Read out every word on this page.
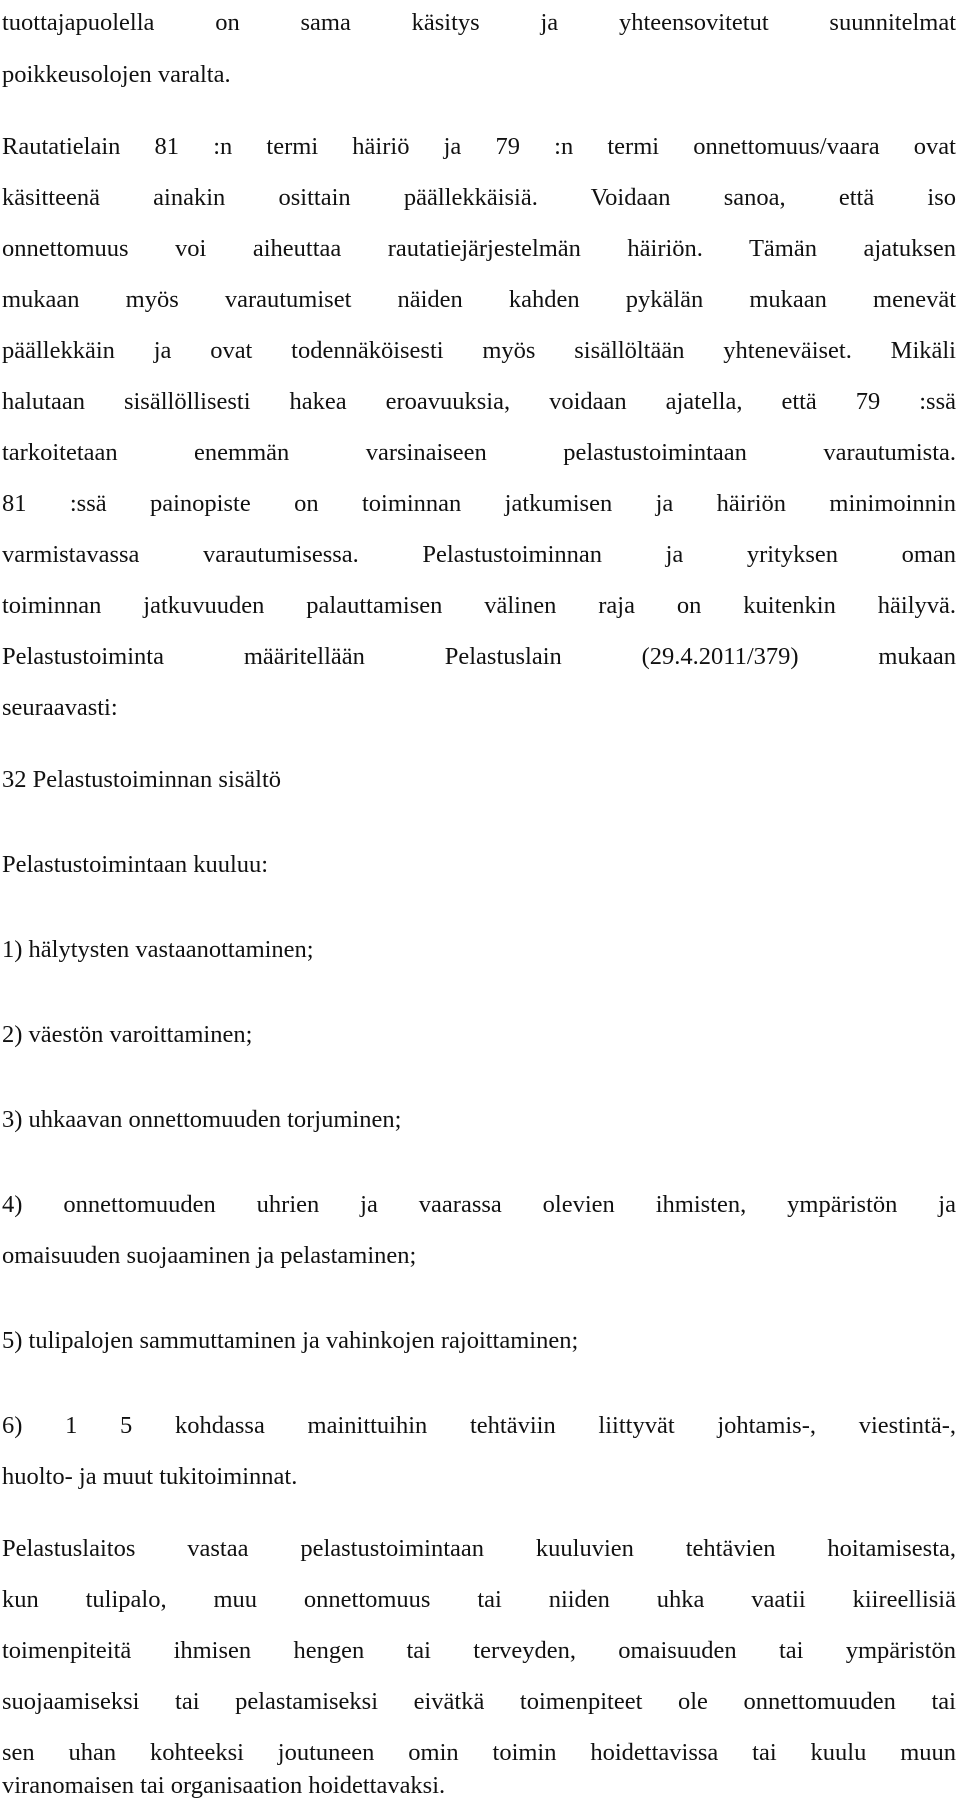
tuottajapuolella on sama käsitys ja yhteensovitetut suunnitelmat
poikkeusolojen varalta.
Rautatielain 81 :n termi häiriö ja 79 :n termi onnettomuus/vaara ovat
käsitteenä ainakin osittain päällekkäisiä. Voidaan sanoa, että iso
onnettomuus voi aiheuttaa rautatiejärjestelmän häiriön. Tämän ajatuksen
mukaan myös varautumiset näiden kahden pykälän mukaan menevät
päällekkäin ja ovat todennäköisesti myös sisällöltään yhteneväiset. Mikäli
halutaan sisällöllisesti hakea eroavuuksia, voidaan ajatella, että 79 :ssä
tarkoitetaan enemmän varsinaiseen pelastustoimintaan varautumista.
81 :ssä painopiste on toiminnan jatkumisen ja häiriön minimoinnin
varmistavassa varautumisessa. Pelastustoiminnan ja yrityksen oman
toiminnan jatkuvuuden palauttamisen välinen raja on kuitenkin häilyvä.
Pelastustoiminta määritellään Pelastuslain (29.4.2011/379) mukaan
seuraavasti:
32 Pelastustoiminnan sisältö
Pelastustoimintaan kuuluu:
1) hälytysten vastaanottaminen;
2) väestön varoittaminen;
3) uhkaavan onnettomuuden torjuminen;
4) onnettomuuden uhrien ja vaarassa olevien ihmisten, ympäristön ja
omaisuuden suojaaminen ja pelastaminen;
5) tulipalojen sammuttaminen ja vahinkojen rajoittaminen;
6) 1 5 kohdassa mainittuihin tehtäviin liittyvät johtamis-, viestintä-,
huolto- ja muut tukitoiminnat.
Pelastuslaitos vastaa pelastustoimintaan kuuluvien tehtävien hoitamisesta,
kun tulipalo, muu onnettomuus tai niiden uhka vaatii kiireellisiä
toimenpiteitä ihmisen hengen tai terveyden, omaisuuden tai ympäristön
suojaamiseksi tai pelastamiseksi eivätkä toimenpiteet ole onnettomuuden tai
sen uhan kohteeksi joutuneen omin toimin hoidettavissa tai kuulu muun
viranomaisen tai organisaation hoidettavaksi.
